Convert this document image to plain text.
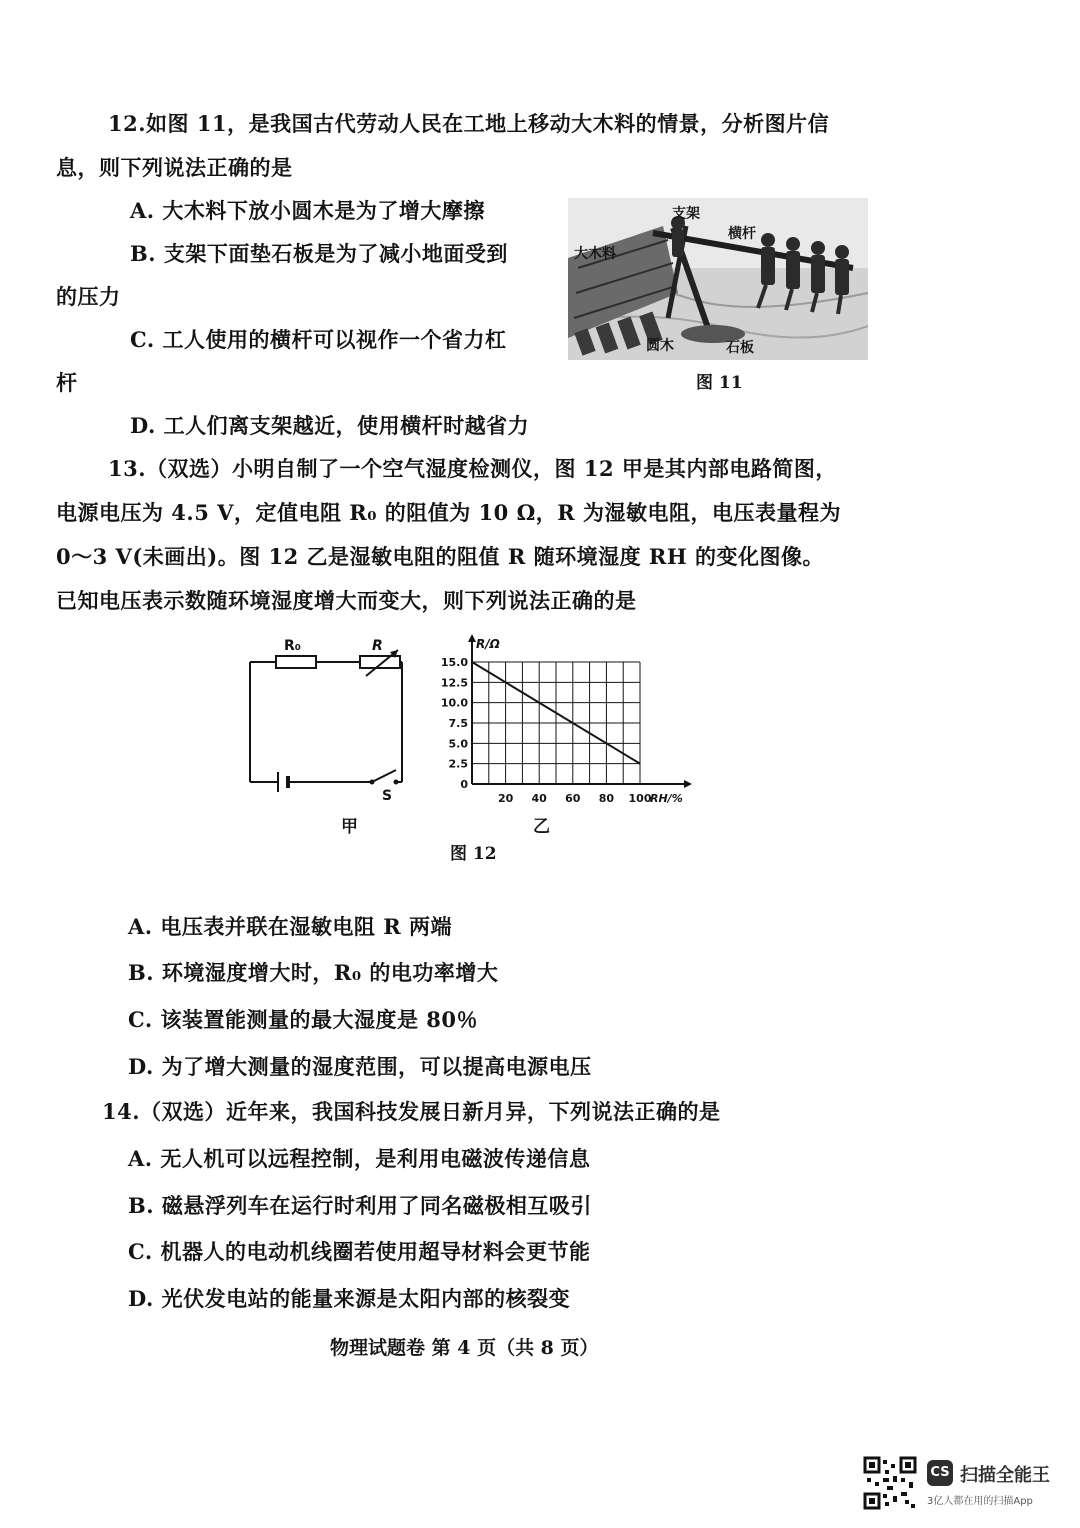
12.如图 11，是我国古代劳动人民在工地上移动大木料的情景，分析图片信
息，则下列说法正确的是
A. 大木料下放小圆木是为了增大摩擦
B. 支架下面垫石板是为了减小地面受到
的压力
C. 工人使用的横杆可以视作一个省力杠
杆
D. 工人们离支架越近，使用横杆时越省力
支架
横杆
大木料
圆木	石板
图 11
13.（双选）小明自制了一个空气湿度检测仪，图 12 甲是其内部电路简图，
电源电压为 4.5 V，定值电阻 R₀ 的阻值为 10 Ω，R 为湿敏电阻，电压表量程为
0～3 V(未画出)。图 12 乙是湿敏电阻的阻值 R 随环境湿度 RH 的变化图像。
已知电压表示数随环境湿度增大而变大，则下列说法正确的是
R₀	R
S
甲
0
2.5
5.0
7.5
10.0
12.5
15.0
20 40 60 80 100
R/Ω
RH/%
乙
图 12
A. 电压表并联在湿敏电阻 R 两端
B. 环境湿度增大时，R₀ 的电功率增大
C. 该装置能测量的最大湿度是 80％
D. 为了增大测量的湿度范围，可以提高电源电压
14.（双选）近年来，我国科技发展日新月异，下列说法正确的是
A. 无人机可以远程控制，是利用电磁波传递信息
B. 磁悬浮列车在运行时利用了同名磁极相互吸引
C. 机器人的电动机线圈若使用超导材料会更节能
D. 光伏发电站的能量来源是太阳内部的核裂变
物理试题卷 第 4 页（共 8 页）
CS 扫描全能王
3亿人都在用的扫描App
